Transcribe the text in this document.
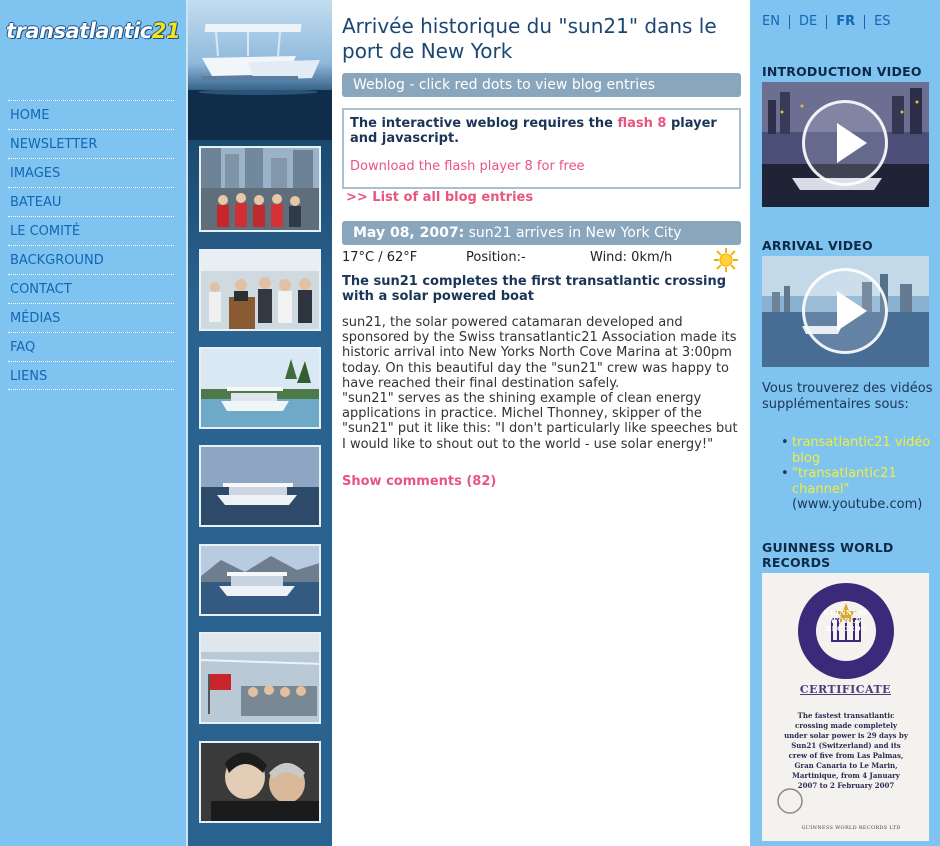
transatlantic21
HOME
NEWSLETTER
IMAGES
BATEAU
LE COMITÉ
BACKGROUND
CONTACT
MÉDIAS
FAQ
LIENS
Arrivée historique du "sun21" dans le port de New York
Weblog - click red dots to view blog entries
The interactive weblog requires the flash 8 player and javascript.
Download the flash player 8 for free
>> List of all blog entries
May 08, 2007: sun21 arrives in New York City
17°C / 62°F	Position:-	Wind: 0km/h
The sun21 completes the first transatlantic crossing with a solar powered boat

sun21, the solar powered catamaran developed and sponsored by the Swiss transatlantic21 Association made its historic arrival into New Yorks North Cove Marina at 3:00pm today. On this beautiful day the "sun21" crew was happy to have reached their final destination safely.

"sun21" serves as the shining example of clean energy applications in practice. Michel Thonney, skipper of the "sun21" put it like this: "I don't particularly like speeches but I would like to shout out to the world - use solar energy!"

Show comments (82)
EN DE FR ES
INTRODUCTION VIDEO
ARRIVAL VIDEO
Vous trouverez des vidéos supplémentaires sous:
• transatlantic21 vidéo blog
• "transatlantic21 channel"
(www.youtube.com)
GUINNESS WORLD RECORDS
GUINNESS WORLD RECORDS
CERTIFICATE
The fastest transatlantic crossing made completely under solar power is 29 days by Sun21 (Switzerland) and its crew of five from Las Palmas, Gran Canaria to Le Marin, Martinique, from 4 January 2007 to 2 February 2007
GUINNESS WORLD RECORDS LTD
